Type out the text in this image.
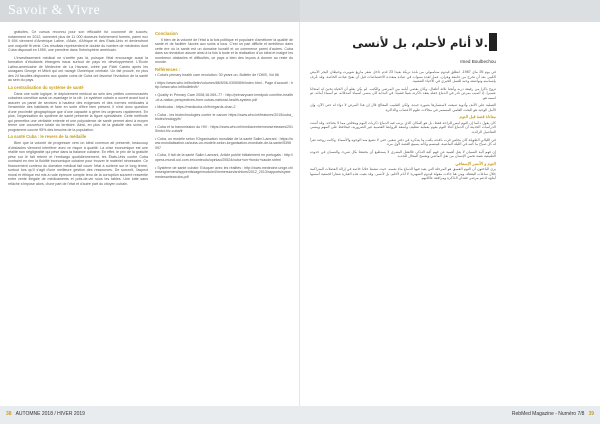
Savoir & Vivre

gratuites. Ce cursus reconnu pour son efficacité fut couronné de succès, notamment en 2012, comment plus de 11 000 docteurs fraîchement formés, parmi eux 5 694 viennent d'Amérique Latine, d'Asie, d'Afrique et des Etats-Unis et deviendront une majorité fit venir. Ces résultats représentent le double du nombre de médecins dont Cuba disposait en 1959, une première dans l'hémisphère américain.

L'investissement médical ne s'arrête pas là, puisque l'état encourage aussi la formation d'étudiants étrangers issus surtout de pays en développement. L'École Latino-américaine de Médecine de La Havane, créée par Fidel Castro après les ouragans George et Mitch qui ont ravagé l'Amérique centrale. Un fait prouvé, en plus des 24 facultés disposées aux quatre coins de Cuba ont favorisé l'évolution de la santé au sein du pays.

La centralisation du système de santé

Dans une suite logique, le déploiement médical au sein des petites communautés cubaines constitue aussi un avantage le la clé. Le système cubain a ouvert avant tout à assurer un panel de services à hauteur des exigences et des normes médicales à l'ensemble des habitants et faire en sorte d'être bien présent. Il n'est donc question d'une proximité géographique que d'une capacité à gérer les urgences rapidement. En plus, l'organisation du système de santé présente la figure spécialisée. Cette méthode qui permettra une véritable entente et une polyvalence de santé permet ainsi à moyen terme une couverture totale du territoire. Ainsi, en plus de la gratuité des soins, ce programme couvre 95% des besoins de la population.

La santé Cuba : le revers de la médaille

Bien que la volonté de progresser vers un idéal commun ait présenté, beaucoup d'obstacles viennent interférer avec ce risque à qualité. La crise économique est une réalité non négligeable qui pèse dans la balance cubaine. En effet, le prix de la gratuité pèse sur le fait retenir et l'embargo quotidiennement, les États-Unis contre Cuba contraint en rien la fluidité économique cubaine pour trouver le matériel nécessaire. Ce financement contenu du domaine médical fait courir l'état à surtenir sur le long terme, surtout lors qu'il s'agit d'une meilleure gestion des ressources. De surcroît, l'aspect moral et éthique est mis à rude épreuve compte tenu de la corruption souvent ressentie entre vente illégale de médicaments et pots-de-vin sous les tables. Une lutte sans relâche s'impose alors, d'une part de l'état et d'autre part du citoyen cubain.

Conclusion

Il bien de la volonté de l'état à la fois politique et populaire d'améliorer la qualité de santé et de faciliter l'accès aux soins à tous. C'est un pari difficile et ambitieux dans cette ère où la santé est un domaine lucratif et un commerce parmi d'autres. Cuba dans sa révolution assure ainsi à la fois à toute et la réalisation d'un idéal et malgré les nombreux obstacles et difficultés, ce pays a bien des leçons à donner au reste du monde.

Références :

• Cuba's primary health care revolution: 30 years on, Bulletin de l'OMS, Vol 86

• https://www.who.int/bulletin/volumes/86/5/08-030508/fr/index.html - Page d'accueil : http://www.who.int/bulletin/fr/

• Quality in Primary Care 2008;16:269–77 : http://primarycare.imedpub.com/the-health-of-a-nation-perspectives-from-cubas-national-health-system.pdf

• Medicuba : https://medicuba.ch/fr/regards-chan-2

• Cuba - les biotechnologies contre le cancer https://www.who.int/features/2015/cuba_biotechnology/fr/

• Cuba et la transmission du HIV : https://www.who.int/mediacentre/news/releases/2015/mtct-hiv-cuba/fr

• Cuba, un modèle selon l'Organisation mondiale de la santé Salim Lamrani : https://www.mondialisation.ca/cuba-un-modèle-selon-lorganisation-mondiale-de-la-sante/5396097

• Cuba, Il fait de la santé Salim Lamrani, Article publié initialement en portugais : http://opera-mundi.uol.com.br/conteudo/opiniao/25524/cuba+um+fundo+saude.shtml

• Système de santé cubain: Eduquer avec les réalités : http://www.medecine.unige.ch/enseignement/apprentissage/module4/immersion/archives/2012_2013/rapports/systemedesanteacuba.pdf

لا أنام لأحلم، بل لأنسى.
Imed Boulbechou

في يوم 26 ماي 1987، انطلق قيدوم ستامبولي من بلدة تريكة بعيدا 23 قدم داخل شعر مازيغ شويرت وحيطان البحر الأبيض الكبير. بعد أن تخرج من جامعة وهران، عمل لعدة سنوات في عيادة متعددة الاختصاصات قبل أن يفتح عيادته الخاصة. وقد عُرف بإنسانيته وتواضعه وحبه للعمل الخيري في الأحياء الشعبية.

تزوج باكرا من رفيقة دربه وأنجبا ثلاثة أطفال، وكان يقضي أيامه بين المرضى والكتب. لم يكن يعلم أن الحياة تخبئ له امتحانا عسيرا، إذ أصيب بمرض نادر في الدماغ جعله يفقد ذاكرته شيئا فشيئا. في البداية كان ينسى أسماء أصدقائه، ثم أسماء أبنائه، ثم اسمه هو.

العملية على الأنف وأدوية صيغت لاستثمارها بصورة جيدة، ولكن الطبيب المعالج قال إن هذا المرض لا دواء له حتى الآن، وإن الأمل الوحيد هو البحث العلمي المستمر في مجالات علوم الأعصاب والذاكرة.

معاناة قصة قبل النوم

كان يقول دائما إن النوم ليس للراحة فقط، بل هو المكان الذي يرتب فيه الدماغ ذكريات اليوم ويتخلص مما لا يحتاجه. وقد أثبتت الدراسات الحديثة أن الدماغ أثناء النوم يقوم بعملية تنظيف واسعة للروابط العصبية غير الضرورية، فيحافظ على المهم وينسى التفاصيل الزائدة.

في الليالي الطويلة كان يجلس قرب نافذته يكتب ما يتذكره في دفتر صغير، حتى لا تضيع منه الوجوه والأسماء. وكانت زوجته تقرأ له كل صباح ما كتبه في الليلة الماضية، فيبتسم وكأنه يسمع القصة لأول مرة.

إن فهم آلية النسيان لا يقل أهمية عن فهم آلية التذكر، فالعقل البشري لا يستطيع أن يحتفظ بكل شيء، والنسيان في حدوده الطبيعية نعمة تحمي الإنسان من ثقل الماضي وتفسح المجال للجديد.

النوم و الأنسر الإسعافي

يرى الباحثون أن النوم العميق هو المرحلة التي يعيد فيها الدماغ بناء نفسه، حيث تنشط خلايا خاصة في إزالة الفضلات المتراكمة خلال ساعات اليقظة. ومن هنا جاءت مقولة قيدوم الشهيرة: لا أنام لأحلم، بل لأنسى. وقد بقيت هذه العبارة شعارا لجمعية أسسها أبناؤه لدعم مرضى فقدان الذاكرة ومرافقة عائلاتهم.

38 AUTOMNE 2018 / HIVER 2019	RebMed Magazine - Numéro 7/8 39
